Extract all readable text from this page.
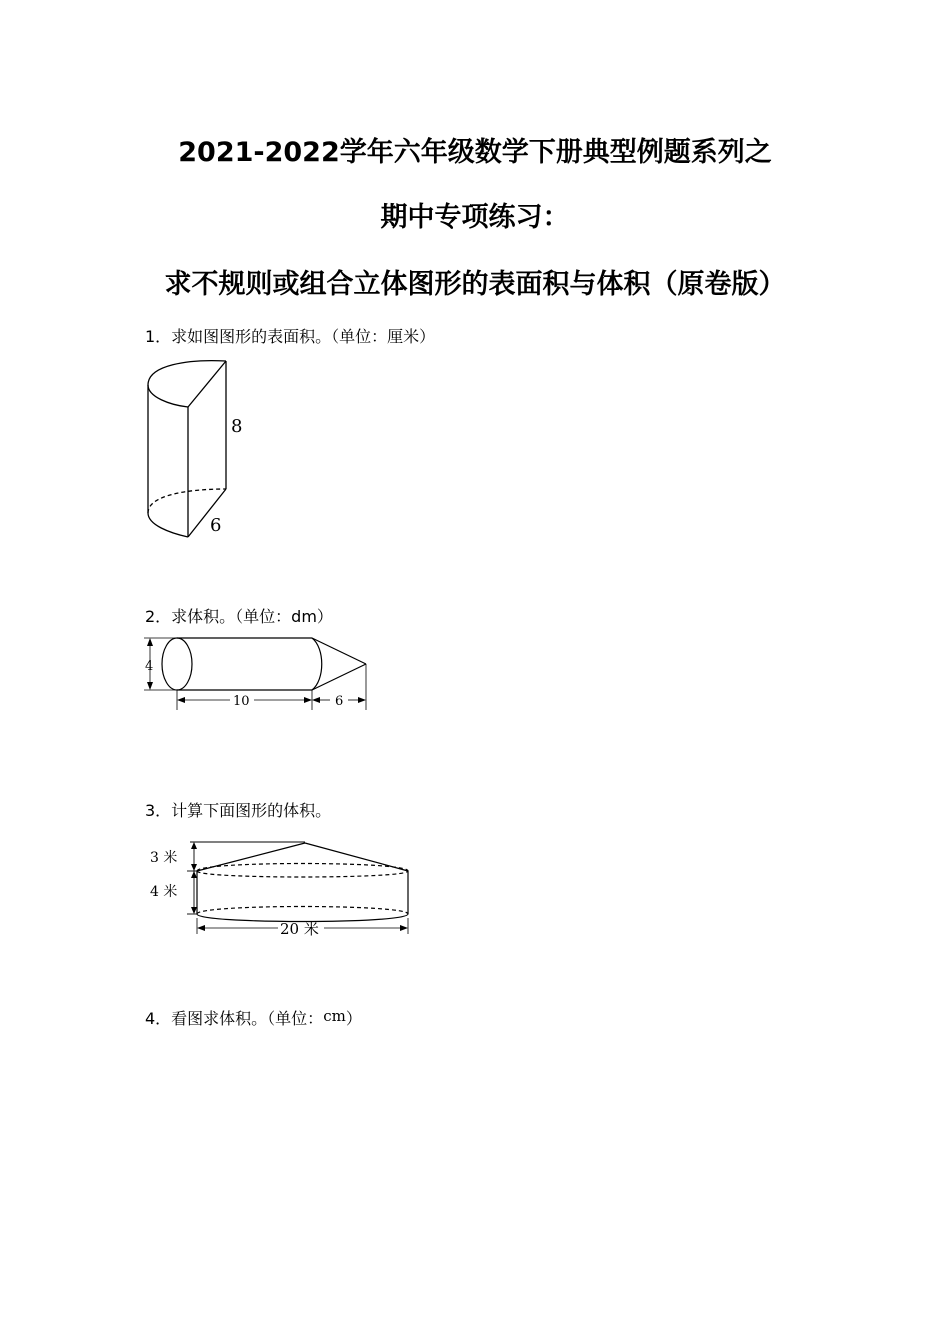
2021-2022学年六年级数学下册典型例题系列之
期中专项练习：
求不规则或组合立体图形的表面积与体积（原卷版）
1．求如图图形的表面积。（单位：厘米）
8
6
2．求体积。（单位：dm）
4
10	6
3．计算下面图形的体积。
3 米
4 米
20 米
4．看图求体积。（单位：cm）
